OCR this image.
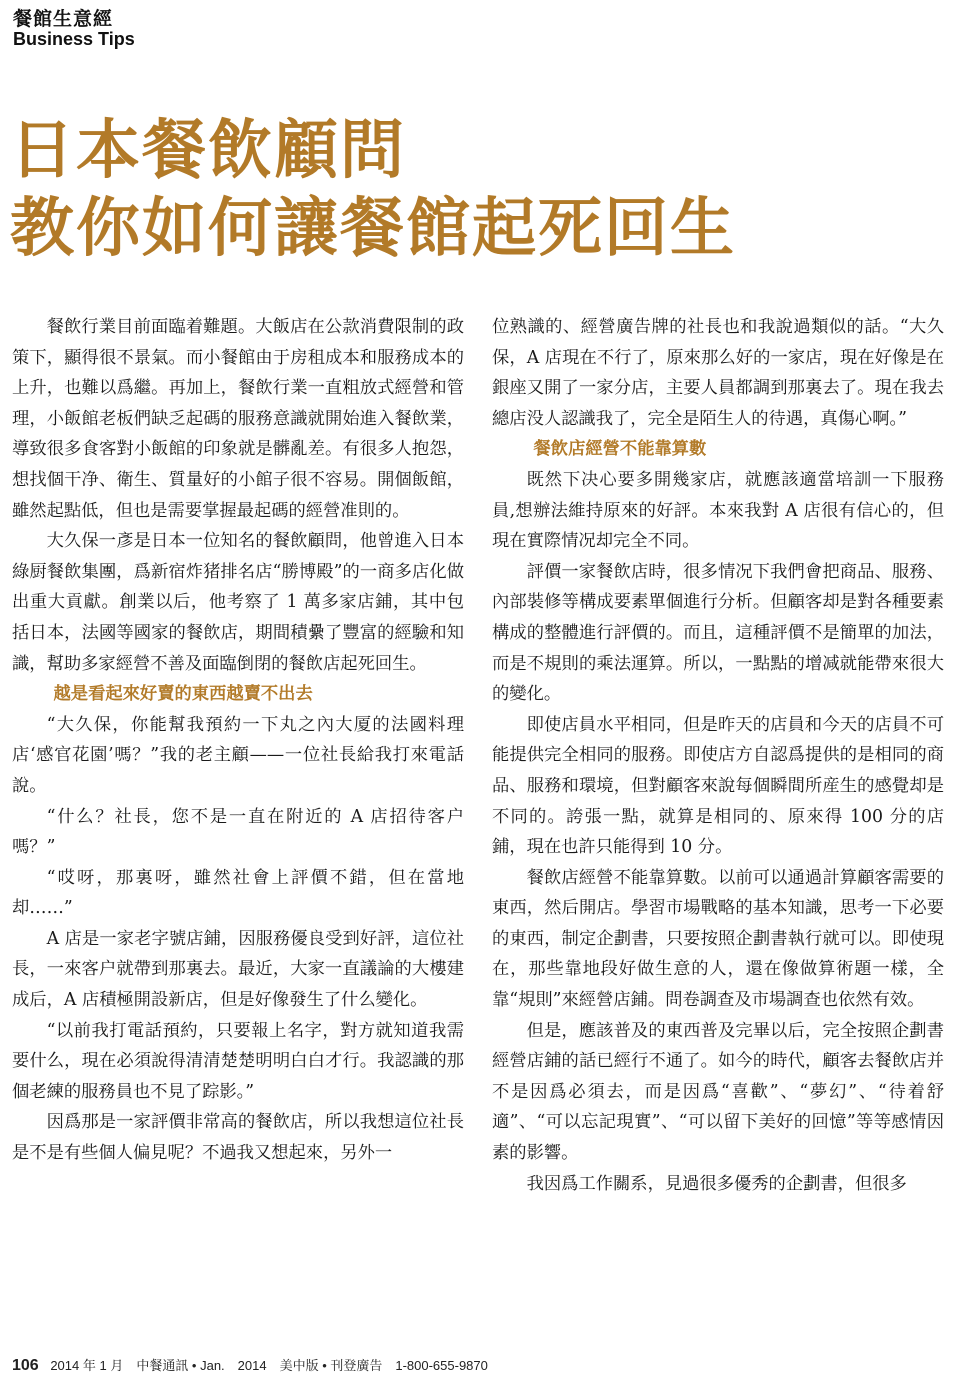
餐館生意經
Business Tips
日本餐飲顧問
教你如何讓餐館起死回生

餐飲行業目前面臨着難題。大飯店在公款消費限制的政策下，顯得很不景氣。而小餐館由于房租成本和服務成本的上升，也難以爲繼。再加上，餐飲行業一直粗放式經營和管理，小飯館老板們缺乏起碼的服務意識就開始進入餐飲業，導致很多食客對小飯館的印象就是髒亂差。有很多人抱怨，想找個干净、衛生、質量好的小館子很不容易。開個飯館，雖然起點低，但也是需要掌握最起碼的經營准則的。

大久保一彥是日本一位知名的餐飲顧問，他曾進入日本綠厨餐飲集團，爲新宿炸猪排名店“勝博殿”的一商多店化做出重大貢獻。創業以后，他考察了 1 萬多家店鋪，其中包括日本，法國等國家的餐飲店，期間積纍了豐富的經驗和知識，幫助多家經營不善及面臨倒閉的餐飲店起死回生。

越是看起來好賣的東西越賣不出去

“大久保，你能幫我預約一下丸之內大厦的法國料理店‘感官花園’嗎？”我的老主顧——一位社長給我打來電話說。

“什么？社長，您不是一直在附近的 A 店招待客户嗎？”

“哎呀，那裏呀，雖然社會上評價不錯，但在當地却……”

A 店是一家老字號店鋪，因服務優良受到好評，這位社長，一來客户就帶到那裏去。最近，大家一直議論的大樓建成后，A 店積極開設新店，但是好像發生了什么變化。

“以前我打電話預約，只要報上名字，對方就知道我需要什么，現在必須說得清清楚楚明明白白才行。我認識的那個老練的服務員也不見了踪影。”

因爲那是一家評價非常高的餐飲店，所以我想這位社長是不是有些個人偏見呢？不過我又想起來，另外一

位熟識的、經營廣告牌的社長也和我說過類似的話。“大久保，A 店現在不行了，原來那么好的一家店，現在好像是在銀座又開了一家分店，主要人員都調到那裏去了。現在我去總店没人認識我了，完全是陌生人的待遇，真傷心啊。”

餐飲店經營不能靠算數

既然下决心要多開幾家店，就應該適當培訓一下服務員,想辦法維持原來的好評。本來我對 A 店很有信心的，但現在實際情况却完全不同。

評價一家餐飲店時，很多情况下我們會把商品、服務、內部裝修等構成要素單個進行分析。但顧客却是對各種要素構成的整體進行評價的。而且，這種評價不是簡單的加法，而是不規則的乘法運算。所以，一點點的增减就能帶來很大的變化。

即使店員水平相同，但是昨天的店員和今天的店員不可能提供完全相同的服務。即使店方自認爲提供的是相同的商品、服務和環境，但對顧客來說每個瞬間所産生的感覺却是不同的。誇張一點，就算是相同的、原來得 100 分的店鋪，現在也許只能得到 10 分。

餐飲店經營不能靠算數。以前可以通過計算顧客需要的東西，然后開店。學習市場戰略的基本知識，思考一下必要的東西，制定企劃書，只要按照企劃書執行就可以。即使現在，那些靠地段好做生意的人，還在像做算術題一樣，全靠“規則”來經營店鋪。問卷調查及市場調查也依然有效。

但是，應該普及的東西普及完畢以后，完全按照企劃書經營店鋪的話已經行不通了。如今的時代，顧客去餐飲店并不是因爲必須去，而是因爲“喜歡”、“夢幻”、“待着舒適”、“可以忘記現實”、“可以留下美好的回憶”等等感情因素的影響。

我因爲工作關系，見過很多優秀的企劃書，但很多

106 2014 年 1 月　中餐通訊 • Jan.　2014　美中版 • 刊登廣告　1-800-655-9870
